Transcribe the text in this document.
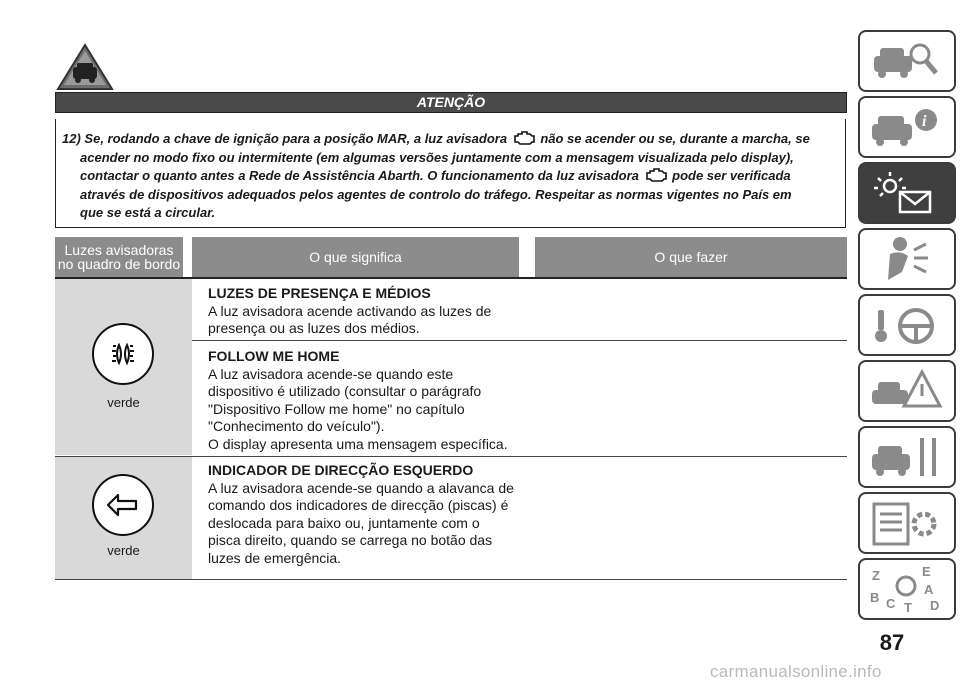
ATENÇÃO
12) Se, rodando a chave de ignição para a posição MAR, a luz avisadora	não se acender ou se, durante a marcha, se
acender no modo fixo ou intermitente (em algumas versões juntamente com a mensagem visualizada pelo display),
contactar o quanto antes a Rede de Assistência Abarth. O funcionamento da luz avisadora	pode ser verificada
através de dispositivos adequados pelos agentes de controlo do tráfego. Respeitar as normas vigentes no País em
que se está a circular.
Luzes avisadoras
no quadro de bordo	O que significa	O que fazer
verde
LUZES DE PRESENÇA E MÉDIOS
A luz avisadora acende activando as luzes de
presença ou as luzes dos médios.
FOLLOW ME HOME
A luz avisadora acende-se quando este
dispositivo é utilizado (consultar o parágrafo
"Dispositivo Follow me home" no capítulo
"Conhecimento do veículo").
O display apresenta uma mensagem específica.
verde
INDICADOR DE DIRECÇÃO ESQUERDO
A luz avisadora acende-se quando a alavanca de
comando dos indicadores de direcção (piscas) é
deslocada para baixo ou, juntamente com o
pisca direito, quando se carrega no botão das
luzes de emergência.
i
Z	E
B
A
C T D
87
carmanualsonline.info
